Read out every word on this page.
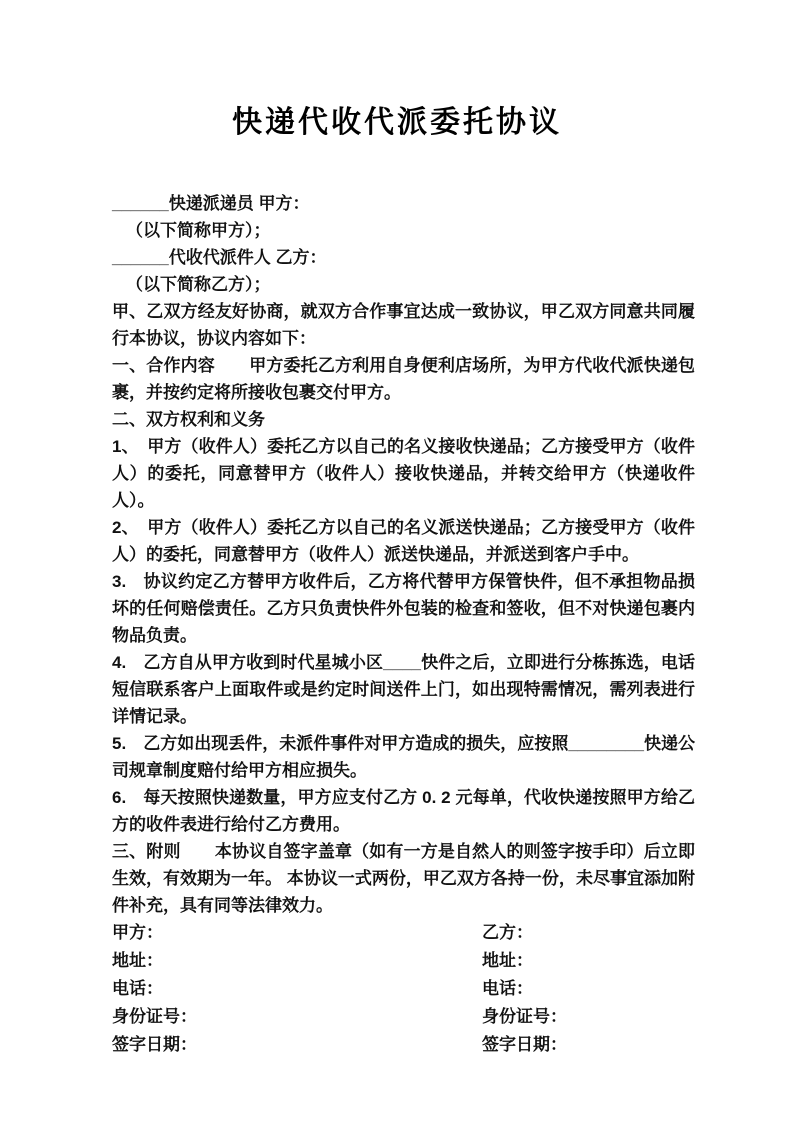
快递代收代派委托协议

______快递派递员 甲方：

（以下简称甲方）；

______代收代派件人 乙方：

（以下简称乙方）；

甲、乙双方经友好协商，就双方合作事宜达成一致协议，甲乙双方同意共同履行本协议，协议内容如下：

一、合作内容　　甲方委托乙方利用自身便利店场所，为甲方代收代派快递包裹，并按约定将所接收包裹交付甲方。

二、双方权利和义务

1、　甲方（收件人）委托乙方以自己的名义接收快递品；乙方接受甲方（收件人）的委托，同意替甲方（收件人）接收快递品，并转交给甲方（快递收件人）。

2、　甲方（收件人）委托乙方以自己的名义派送快递品；乙方接受甲方（收件人）的委托，同意替甲方（收件人）派送快递品，并派送到客户手中。

3.　协议约定乙方替甲方收件后，乙方将代替甲方保管快件，但不承担物品损坏的任何赔偿责任。乙方只负责快件外包装的检查和签收，但不对快递包裹内物品负责。

4.　乙方自从甲方收到时代星城小区____快件之后，立即进行分栋拣选，电话短信联系客户上面取件或是约定时间送件上门，如出现特需情况，需列表进行详情记录。

5.　乙方如出现丢件，未派件事件对甲方造成的损失，应按照________快递公司规章制度赔付给甲方相应损失。

6.　每天按照快递数量，甲方应支付乙方 0. 2 元每单，代收快递按照甲方给乙方的收件表进行给付乙方费用。

三、附则　　本协议自签字盖章（如有一方是自然人的则签字按手印）后立即生效，有效期为一年。 本协议一式两份，甲乙双方各持一份，未尽事宜添加附件补充，具有同等法律效力。

甲方：	乙方：
地址：	地址：
电话：	电话：
身份证号：	身份证号：
签字日期：	签字日期：
